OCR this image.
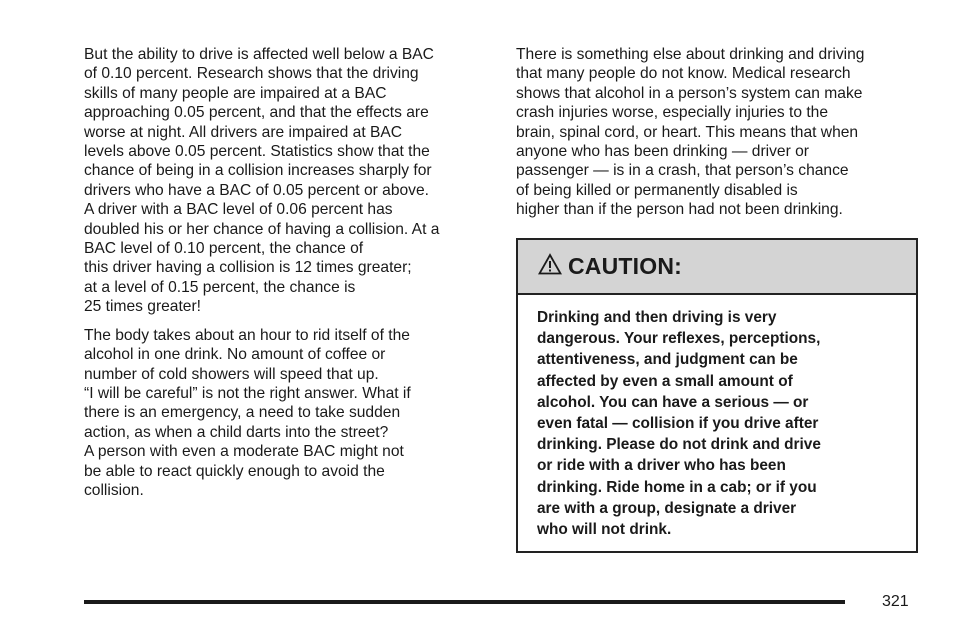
But the ability to drive is affected well below a BAC
of 0.10 percent. Research shows that the driving
skills of many people are impaired at a BAC
approaching 0.05 percent, and that the effects are
worse at night. All drivers are impaired at BAC
levels above 0.05 percent. Statistics show that the
chance of being in a collision increases sharply for
drivers who have a BAC of 0.05 percent or above.
A driver with a BAC level of 0.06 percent has
doubled his or her chance of having a collision. At a
BAC level of 0.10 percent, the chance of
this driver having a collision is 12 times greater;
at a level of 0.15 percent, the chance is
25 times greater!

The body takes about an hour to rid itself of the
alcohol in one drink. No amount of coffee or
number of cold showers will speed that up.
“I will be careful” is not the right answer. What if
there is an emergency, a need to take sudden
action, as when a child darts into the street?
A person with even a moderate BAC might not
be able to react quickly enough to avoid the
collision.

There is something else about drinking and driving
that many people do not know. Medical research
shows that alcohol in a person’s system can make
crash injuries worse, especially injuries to the
brain, spinal cord, or heart. This means that when
anyone who has been drinking — driver or
passenger — is in a crash, that person’s chance
of being killed or permanently disabled is
higher than if the person had not been drinking.

CAUTION:
Drinking and then driving is very
dangerous. Your reflexes, perceptions,
attentiveness, and judgment can be
affected by even a small amount of
alcohol. You can have a serious — or
even fatal — collision if you drive after
drinking. Please do not drink and drive
or ride with a driver who has been
drinking. Ride home in a cab; or if you
are with a group, designate a driver
who will not drink.
321
